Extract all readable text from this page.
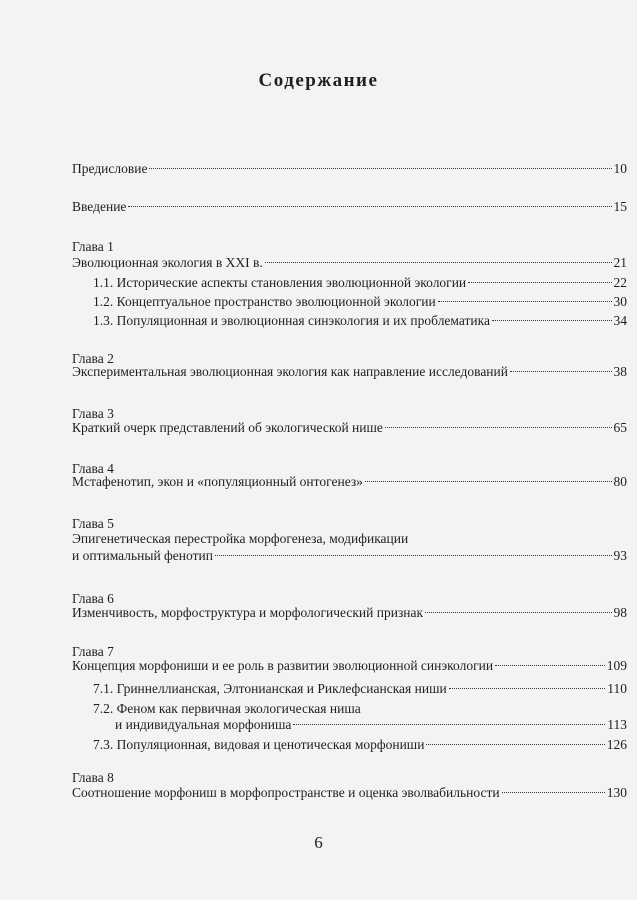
Содержание
Предисловие	10
Введение	15
Глава 1
Эволюционная экология в XXI в.	21
1.1. Исторические аспекты становления эволюционной экологии	22
1.2. Концептуальное пространство эволюционной экологии	30
1.3. Популяционная и эволюционная синэкология и их проблематика	34
Глава 2
Экспериментальная эволюционная экология как направление исследований	38
Глава 3
Краткий очерк представлений об экологической нише	65
Глава 4
Мстафенотип, экон и «популяционный онтогенез»	80
Глава 5
Эпигенетическая перестройка морфогенеза, модификации
и оптимальный фенотип	93
Глава 6
Изменчивость, морфоструктура и морфологический признак	98
Глава 7
Концепция морфониши и ее роль в развитии эволюционной синэкологии	109
7.1. Гриннеллианская, Элтонианская и Риклефсианская ниши	110
7.2. Феном как первичная экологическая ниша
и индивидуальная морфониша	113
7.3. Популяционная, видовая и ценотическая морфониши	126
Глава 8
Соотношение морфониш в морфопространстве и оценка эволвабильности	130
6
